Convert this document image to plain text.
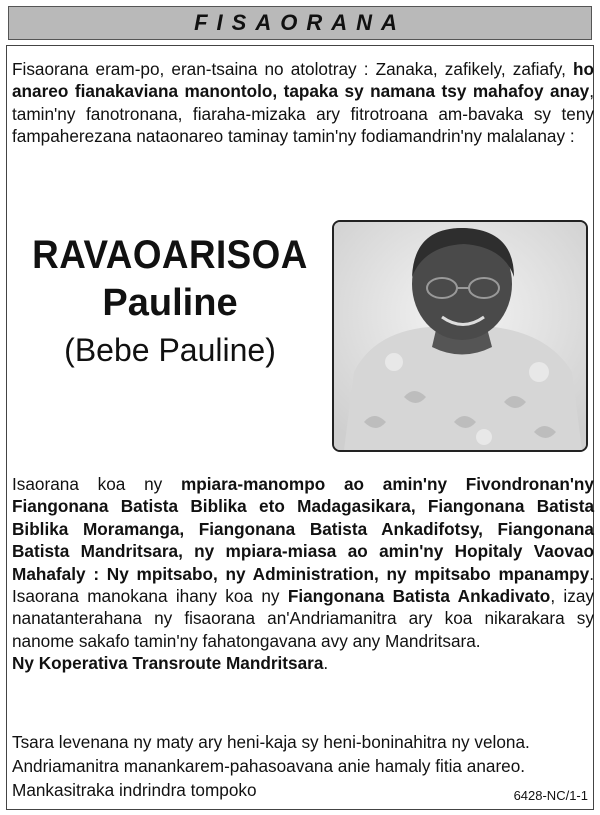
FISAORANA

Fisaorana eram-po, eran-tsaina no atolotray : Zanaka, zafikely, zafiafy, ho anareo fianakaviana manontolo, tapaka sy namana tsy mahafoy anay, tamin'ny fanotronana, fiaraha-mizaka ary fitrotroana am-bavaka sy teny fampaherezana nataonareo taminay tamin'ny fodiamandrin'ny malalanay :

RAVAOARISOA
Pauline
(Bebe Pauline)

Isaorana koa ny mpiara-manompo ao amin'ny Fivondronan'ny Fiangonana Batista Biblika eto Madagasikara, Fiangonana Batista Biblika Moramanga, Fiangonana Batista Ankadifotsy, Fiangonana Batista Mandritsara, ny mpiara-miasa ao amin'ny Hopitaly Vaovao Mahafaly : Ny mpitsabo, ny Administration, ny mpitsabo mpanampy. Isaorana manokana ihany koa ny Fiangonana Batista Ankadivato, izay nanatanterahana ny fisaorana an'Andriamanitra ary koa nikarakara sy nanome sakafo tamin'ny fahatongavana avy any Mandritsara.
Ny Koperativa Transroute Mandritsara.

Tsara levenana ny maty ary heni-kaja sy heni-boninahitra ny velona.
Andriamanitra manankarem-pahasoavana anie hamaly fitia anareo.
Mankasitraka indrindra tompoko	6428-NC/1-1
